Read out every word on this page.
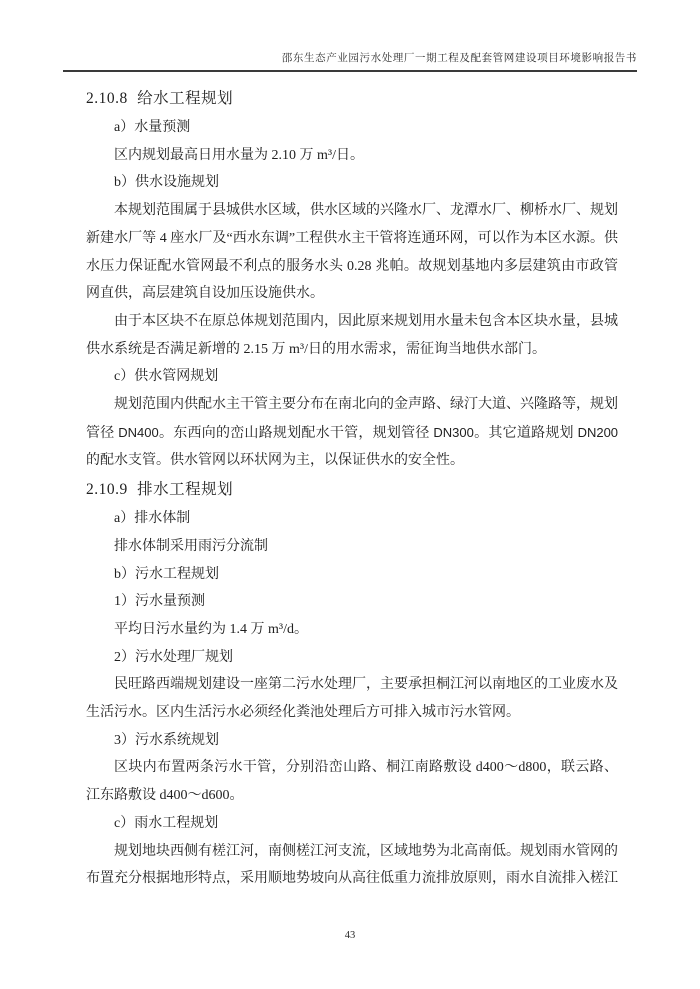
邵东生态产业园污水处理厂一期工程及配套管网建设项目环境影响报告书
2.10.8 给水工程规划

a）水量预测

区内规划最高日用水量为 2.10 万 m³/日。

b）供水设施规划

本规划范围属于县城供水区域，供水区域的兴隆水厂、龙潭水厂、柳桥水厂、规划新建水厂等 4 座水厂及“西水东调”工程供水主干管将连通环网，可以作为本区水源。供水压力保证配水管网最不利点的服务水头 0.28 兆帕。故规划基地内多层建筑由市政管网直供，高层建筑自设加压设施供水。

由于本区块不在原总体规划范围内，因此原来规划用水量未包含本区块水量，县城供水系统是否满足新增的 2.15 万 m³/日的用水需求，需征询当地供水部门。

c）供水管网规划

规划范围内供配水主干管主要分布在南北向的金声路、绿汀大道、兴隆路等，规划管径 DN400。东西向的峦山路规划配水干管，规划管径 DN300。其它道路规划 DN200 的配水支管。供水管网以环状网为主，以保证供水的安全性。

2.10.9 排水工程规划

a）排水体制

排水体制采用雨污分流制

b）污水工程规划

1）污水量预测

平均日污水量约为 1.4 万 m³/d。

2）污水处理厂规划

民旺路西端规划建设一座第二污水处理厂，主要承担桐江河以南地区的工业废水及生活污水。区内生活污水必须经化粪池处理后方可排入城市污水管网。

3）污水系统规划

区块内布置两条污水干管，分别沿峦山路、桐江南路敷设 d400～d800，联云路、江东路敷设 d400～d600。

c）雨水工程规划

规划地块西侧有槎江河，南侧槎江河支流，区域地势为北高南低。规划雨水管网的布置充分根据地形特点，采用顺地势坡向从高往低重力流排放原则，雨水自流排入槎江

43
